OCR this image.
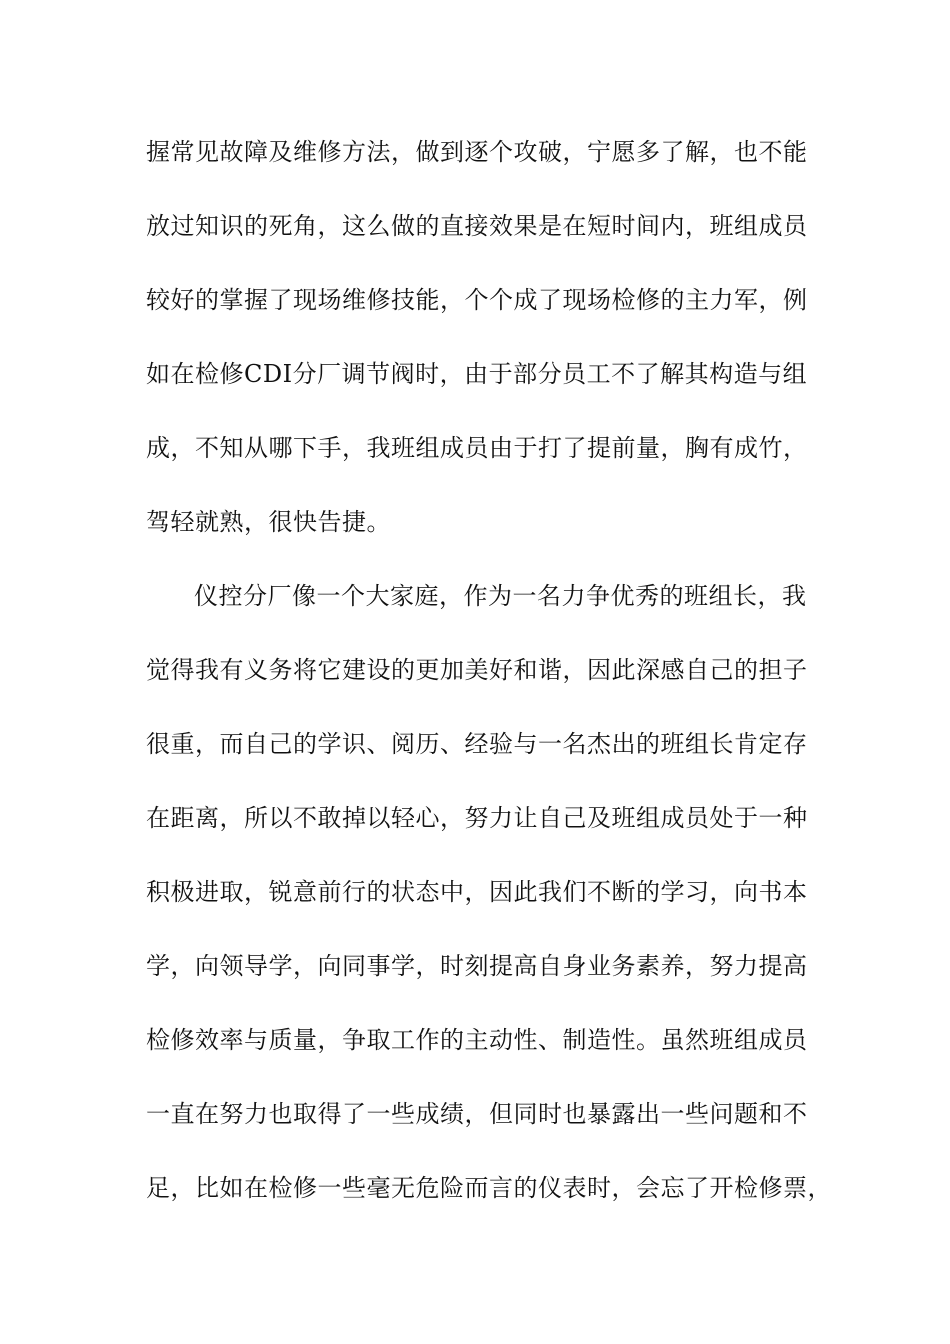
握常见故障及维修方法，做到逐个攻破，宁愿多了解，也不能
放过知识的死角，这么做的直接效果是在短时间内，班组成员
较好的掌握了现场维修技能，个个成了现场检修的主力军，例
如在检修CDI分厂调节阀时，由于部分员工不了解其构造与组
成，不知从哪下手，我班组成员由于打了提前量，胸有成竹，
驾轻就熟，很快告捷。
仪控分厂像一个大家庭，作为一名力争优秀的班组长，我
觉得我有义务将它建设的更加美好和谐，因此深感自己的担子
很重，而自己的学识、阅历、经验与一名杰出的班组长肯定存
在距离，所以不敢掉以轻心，努力让自己及班组成员处于一种
积极进取，锐意前行的状态中，因此我们不断的学习，向书本
学，向领导学，向同事学，时刻提高自身业务素养，努力提高
检修效率与质量，争取工作的主动性、制造性。虽然班组成员
一直在努力也取得了一些成绩，但同时也暴露出一些问题和不
足，比如在检修一些毫无危险而言的仪表时，会忘了开检修票，
